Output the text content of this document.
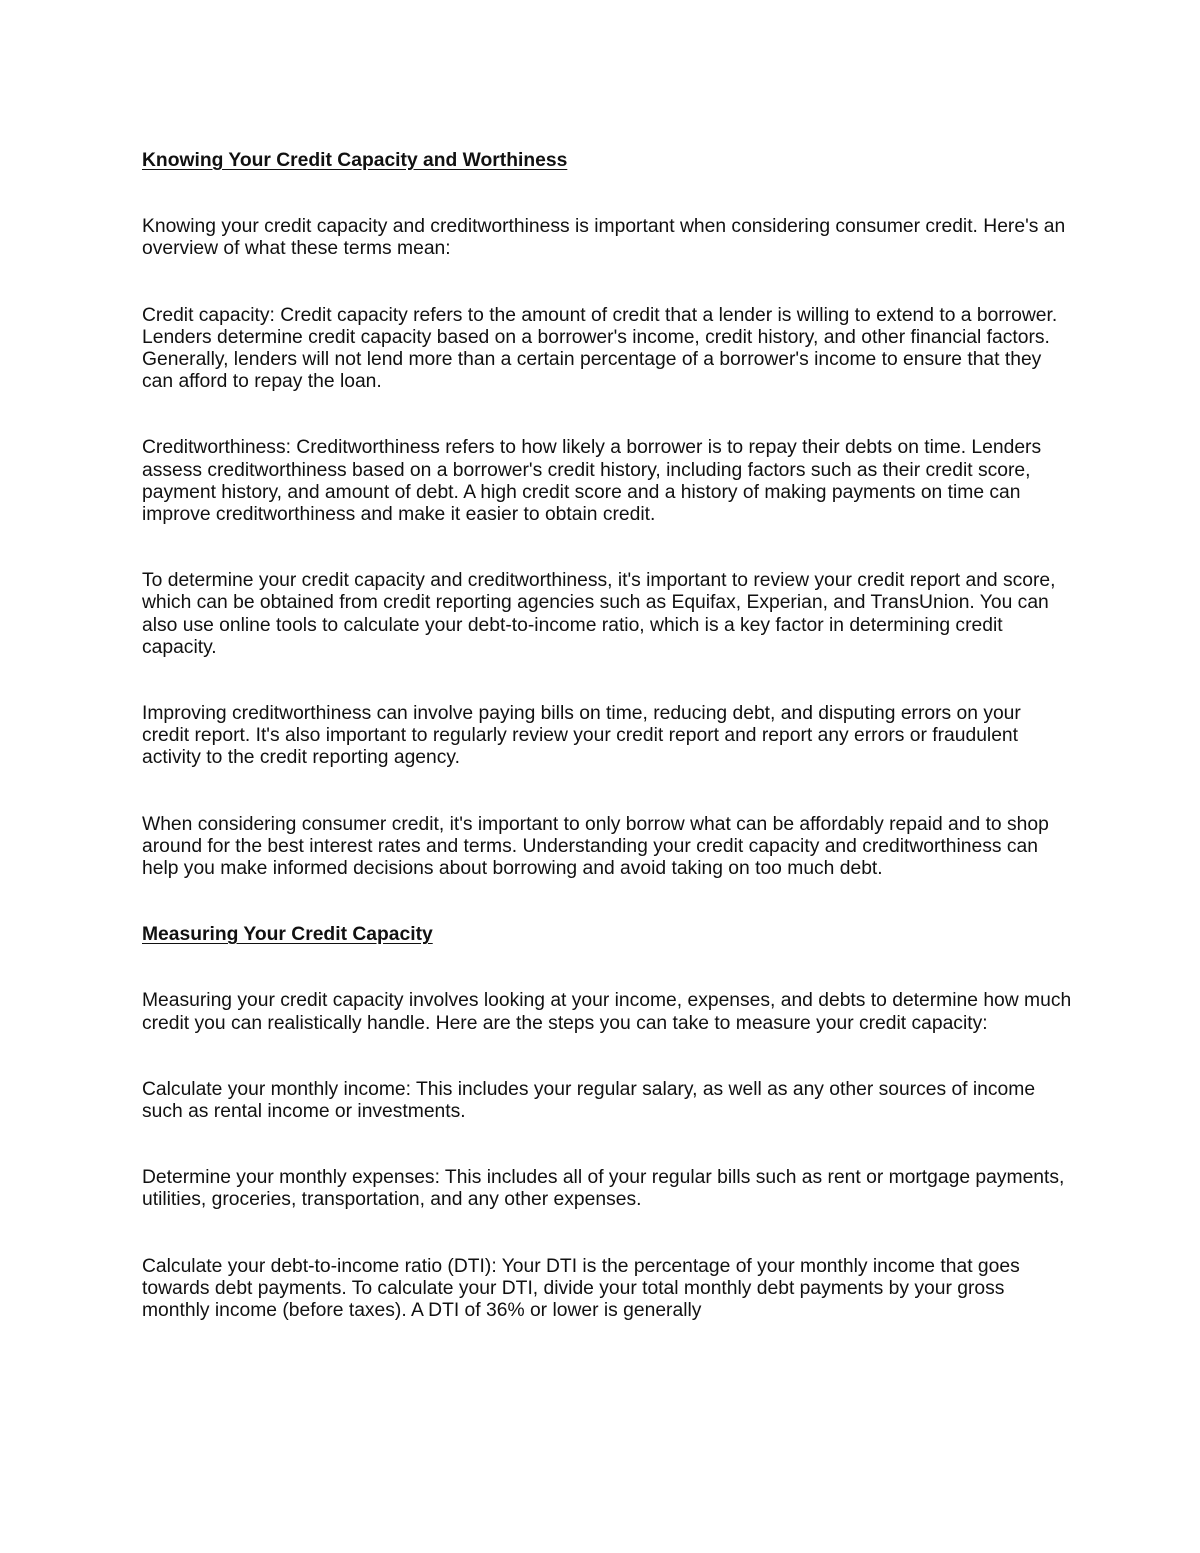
Knowing Your Credit Capacity and Worthiness

Knowing your credit capacity and creditworthiness is important when considering consumer credit. Here's an overview of what these terms mean:

Credit capacity: Credit capacity refers to the amount of credit that a lender is willing to extend to a borrower. Lenders determine credit capacity based on a borrower's income, credit history, and other financial factors. Generally, lenders will not lend more than a certain percentage of a borrower's income to ensure that they can afford to repay the loan.

Creditworthiness: Creditworthiness refers to how likely a borrower is to repay their debts on time. Lenders assess creditworthiness based on a borrower's credit history, including factors such as their credit score, payment history, and amount of debt. A high credit score and a history of making payments on time can improve creditworthiness and make it easier to obtain credit.

To determine your credit capacity and creditworthiness, it's important to review your credit report and score, which can be obtained from credit reporting agencies such as Equifax, Experian, and TransUnion. You can also use online tools to calculate your debt-to-income ratio, which is a key factor in determining credit capacity.

Improving creditworthiness can involve paying bills on time, reducing debt, and disputing errors on your credit report. It's also important to regularly review your credit report and report any errors or fraudulent activity to the credit reporting agency.

When considering consumer credit, it's important to only borrow what can be affordably repaid and to shop around for the best interest rates and terms. Understanding your credit capacity and creditworthiness can help you make informed decisions about borrowing and avoid taking on too much debt.

Measuring Your Credit Capacity

Measuring your credit capacity involves looking at your income, expenses, and debts to determine how much credit you can realistically handle. Here are the steps you can take to measure your credit capacity:

Calculate your monthly income: This includes your regular salary, as well as any other sources of income such as rental income or investments.

Determine your monthly expenses: This includes all of your regular bills such as rent or mortgage payments, utilities, groceries, transportation, and any other expenses.

Calculate your debt-to-income ratio (DTI): Your DTI is the percentage of your monthly income that goes towards debt payments. To calculate your DTI, divide your total monthly debt payments by your gross monthly income (before taxes). A DTI of 36% or lower is generally
